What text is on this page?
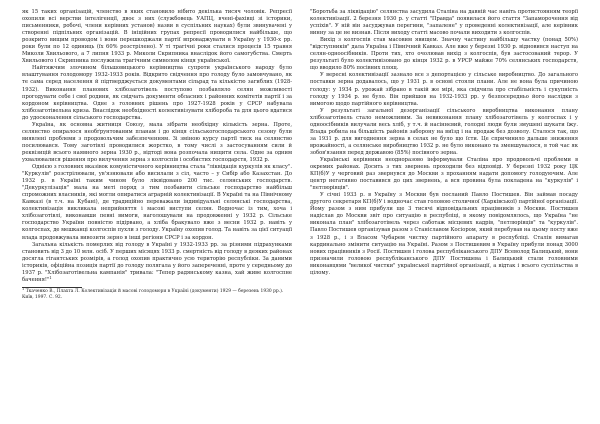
як 15 таких організацій, членство в яких становило нібито декілька тисяч чоловік. Репресії охопили всі верстви інтелігенції, двоє з них (службовець УАПЦ, вчені-фахівці зі історики, письменники, робочі, члени керівних установ) назви в суспільних науках) були звинувачені у створенні підпільних організацій. В ініційних групах репресії проводилися найбільше, що розкрито вищим проводом і вони перешкоджали партії впроваджувати в Україну у 1930-х рр. роки були по 12 одиниць (їх 60% розстрілено). У ті трагічні роки сталися процесів 15 травня Миколи Хвильового, а 7 липня 1933 р. Миколи Скрипника внаслідок його самогубства. Смерть Хвильового і Скрипника послужила трагічним символом кінця української.

Найтяжчим злочином більшовицького керівництва супроти українського народу було влаштування голодомору 1932-1933 років. Відкрито свідчення про голоду було замовчувано, як те сама серед населення й підтверджується документами сільрад та кількістю загиблих (1928-1932). Виконання планових хлібозаготівель поступово позбавляло селян можливості прогодувати себе і свої родини, як свідчать документи обласних і районних комітетів партії і за кордоном керівництва. Одне з головних рішень про 1927-1928 років у СРСР набувала хлібозаготівельна криза. Внаслідок необхідності колективізувати хлібороба та для цього вдатися до удосконалення сільського господарства.

Україна, як основна житниця Союзу, мала зібрати необхідну кількість зерна. Проте, селянство опиралося необґрунтованим планам і до кінця сільськогосподарського сезону були виявлені проблеми з продовольчим забезпеченням. Зі зміною курсу партії тиск на селянство посилювався. Тому заготівлі проводилися жорстко, в тому числі з застосуванням сили й реквізицій всього наявного зерна 1930 р., відтоді вона розпочала нищити села. Одне за одним ухвалювалися рішення про вилучення зерна з колгоспів і особистих господарств, 1932 р.

Однією з головних вказівок комуністичного керівництва стала "ліквідація куркулів як класу". "Куркулів" розстрілювали, ув'язнювали або висилали з сіл, часто – у Сибір або Казахстан. До 1932 р. в Україні таким чином було ліквідовано 200 тис. селянських господарств. "Декуркулізація" мала на меті поряд з тим позбавити сільське господарство найбільш спроможних власників, які могли опиратися аграрній колективізації. В Україні та на Північному Кавказі (в т.ч. на Кубані), де традиційно переважали індивідуальні селянські господарства, колективізація викликала неприйняття і масові виступи селян. Водночас із тим, хоча і хлібозаготівлі, виконавши певні вимоги, наголошували на продовженні у 1932 р. Сільське господарство України повністю підірвано, а хліба бракувало вже з весни 1932 р. навіть у колгоспах, де мешканці колгоспів пухли з голоду. Україну охопив голод. Та навіть за цієї ситуації влада продовжувала вивозити зерно в інші регіони СРСР і за кордон.

Загальна кількість померлих від голоду в Україні у 1932-1933 рр. за різними підрахунками становить від 3 до 10 млн. осіб. У перших місяцях 1933 р. смертність від голоду в деяких районах досягла гігантських розмірів, а голод охопив практично усю територію республіки. За даними істориків, офіційна позиція партії до голоду полягала у його запереченні, проте у середньому до 1937 р. "Хлібозаготівельна кампанія" тривала: "Тепер радянському казна, хай живе колгоспне бачення!"$^1$

$^1$ Ткаченко В., Плахта Л. Колективізація й масові голодомори в Україні (документи) 1929 — березень 1930 рр.). Київ, 1997. С. 92.

"Боротьба за ліквідацію" селянства засудила Сталіна на давній час навіть протистоянням теорії колективізації. 2 березня 1930 р. у статті "Правда" появилася його стаття "Запаморочення від успіхів". У ній він засуджував перегини, "запалене" у проведенні колективізації, але керівник винну за це не визнав. Після виходу статті масово почали виходити з колгоспів.

Вихід з колгоспів став масовим явищем. Значну частину найбільшу частку (понад 50%) "відступників" дала Україна і Північний Кавказ. Але вже у березні 1930 р. відновився наступ на селян-одноосібників. Проти тих, хто очолював вихід з колгоспів, був застосований терор. У результаті було колективізовано до кінця 1932 р. в УРСР майже 70% селянських господарств, що вводило 80% посівних площ.

У вересні колективізації зазнало все з депортацією у сільське виробництво. До загального поставки зерна додавалось, що у 1931 р. в основі стояли плани. Але не вона була причиною голоду: у 1934 р. урожай зібрано в такій же мірі, яка свідчила про стабільність і сукупність голоду у 1934 р. не було. Він прийшов на 1932-1933 рр. у безпосередньо його наслідки з вимогою щодо партійного керівництва.

У результаті загальної дезорганізації сільського виробництва виконання плану хлібозаготівель стало неможливим. За невиконання плану хлібозаготівель у колгоспах і у одноосібників вилучали весь хліб, у т.ч. й насіннєвий, голодні люди були змушені шукати їжу. Влада робила на більшість районів заборону на виїзд і на продаж без дозволу. Сталося так, що за 1931 р. для вигоднення зерна в селах не було що їсти. Це спричинило дальше зниження врожайності, а селянське виробництво 1932 р. не було виконано та зменшувалося, в той час як зобов'язання перед державою (85%) посівного зерна.

Українські керівники неодноразово інформували Сталіна про продовольчі проблеми в окремих районах. Досить з тих звернень проходили без відповіді. У березні 1932 року ЦК КП(б)У у черговий раз звернувся до Москви з проханням надати допомогу голодуючим. Але центр негативно поставився до цих звернень, а вся провина була покладена на "куркулів" і "петлюрівців".

У січні 1933 р. в Україну з Москви був посланий Павло Постишев. Він займав посаду другого секретаря КП(б)У і водночас став головою столичної (Харківської) партійної організації. Йому разом з ним прибули ще 3 тисячі відповідальних працівників з Москви. Постишев надіслав до Москви звіт про ситуацію в республіці, в якому повідомлялось, що Україна "не виконала план" хлібозаготівель через саботаж місцевих кадрів, "петлюрівців" та "куркулів". Павло Постишев організував разом з Станіславом Косіором, який перебував на цьому посту вже з 1928 р., і з Власом Чубарем чистку партійного апарату в республіці. Сталін вимагав кардинально змінити ситуацію на Україні. Разом з Постишевим в Україну прибули понад 3000 нових працівників з Росії. Постишев і голова республіканського ДПУ Всеволод Балицький, вони призначили головою республіканського ДПУ Постишева і Балицький стали головними виконавцями "великої чистки" української партійної організації, а відтак і всього суспільства в цілому.
